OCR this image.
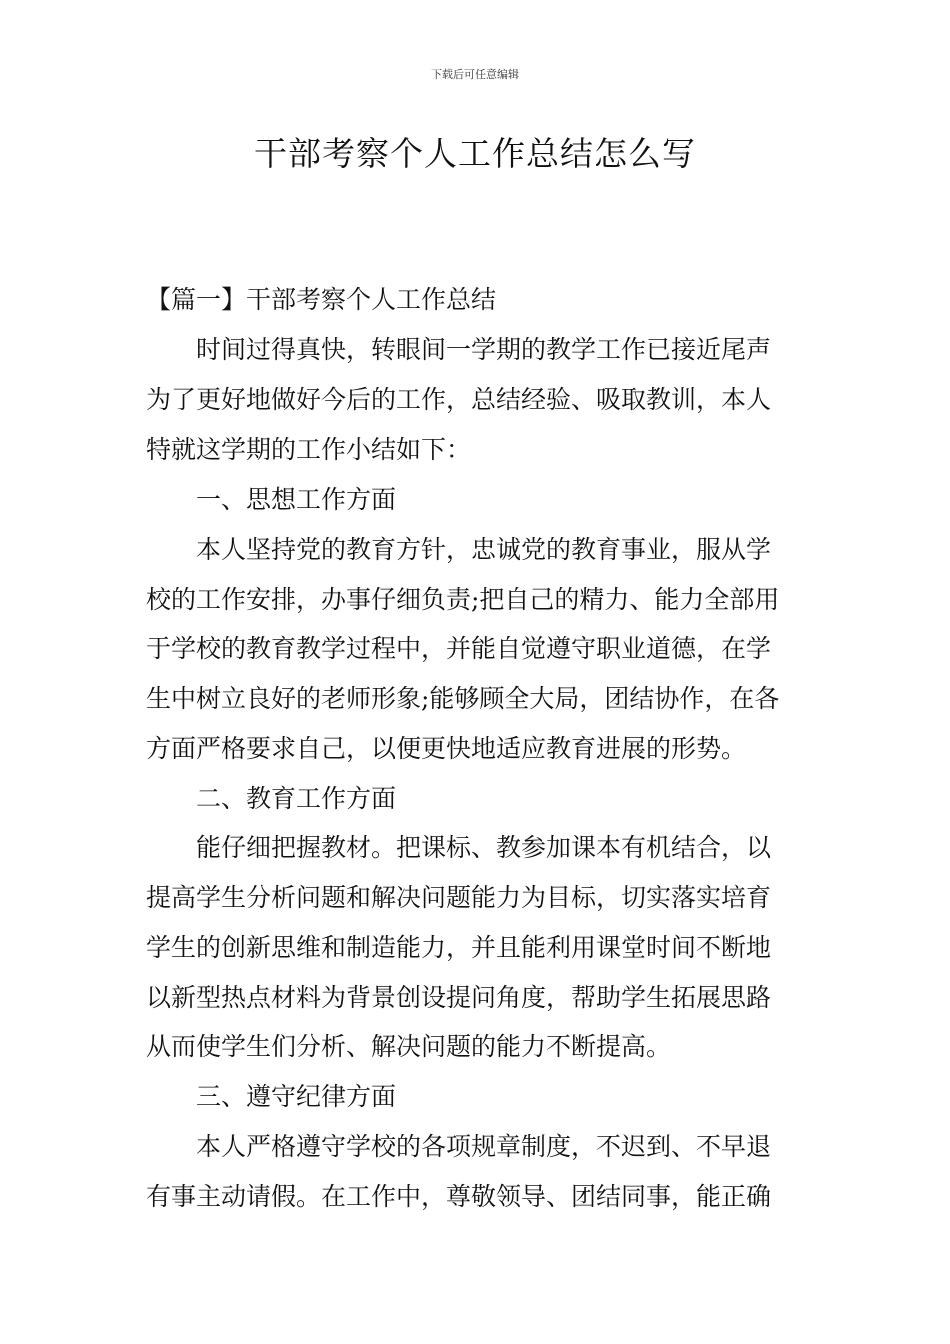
下载后可任意编辑
干部考察个人工作总结怎么写
【篇一】干部考察个人工作总结
时间过得真快，转眼间一学期的教学工作已接近尾声
为了更好地做好今后的工作，总结经验、吸取教训，本人
特就这学期的工作小结如下：
一、思想工作方面
本人坚持党的教育方针，忠诚党的教育事业，服从学
校的工作安排，办事仔细负责;把自己的精力、能力全部用
于学校的教育教学过程中，并能自觉遵守职业道德，在学
生中树立良好的老师形象;能够顾全大局，团结协作，在各
方面严格要求自己，以便更快地适应教育进展的形势。
二、教育工作方面
能仔细把握教材。把课标、教参加课本有机结合，以
提高学生分析问题和解决问题能力为目标，切实落实培育
学生的创新思维和制造能力，并且能利用课堂时间不断地
以新型热点材料为背景创设提问角度，帮助学生拓展思路
从而使学生们分析、解决问题的能力不断提高。
三、遵守纪律方面
本人严格遵守学校的各项规章制度，不迟到、不早退
有事主动请假。在工作中，尊敬领导、团结同事，能正确
